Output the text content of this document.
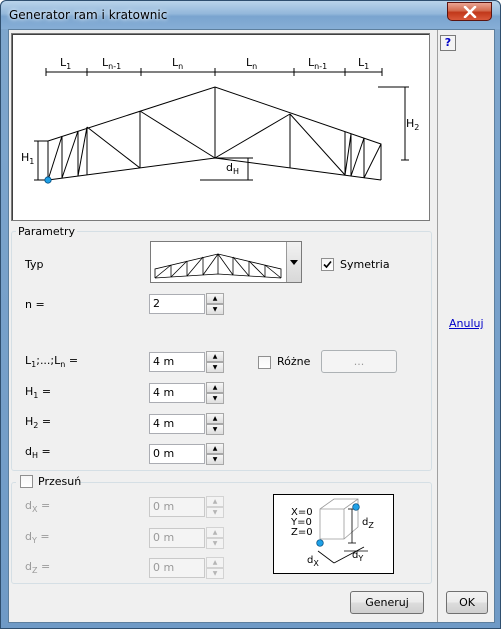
Generator ram i kratownic
$L_1$	$L_{n-1}$	$L_n$	$L_n$	$L_{n-1}$	$L_1$
$H_2$
$H_1$	$d_H$
Parametry
Typ	Symetria
n =	2	▲
▼
$L_1;...;L_n$ =	4 m	▲
▼	Różne	...
$H_1$ =	4 m	▲
▼
$H_2$ =	4 m	▲
▼
$d_H$ =	0 m	▲
▼
Przesuń
$d_X$ =	0 m	▲
▼
$d_Y$ =	0 m	▲
▼
$d_Z$ =	0 m	▲
▼
X=0
Y=0
Z=0
$d_Z$
$d_X$
$d_Y$
Generuj
?
Anuluj
OK
